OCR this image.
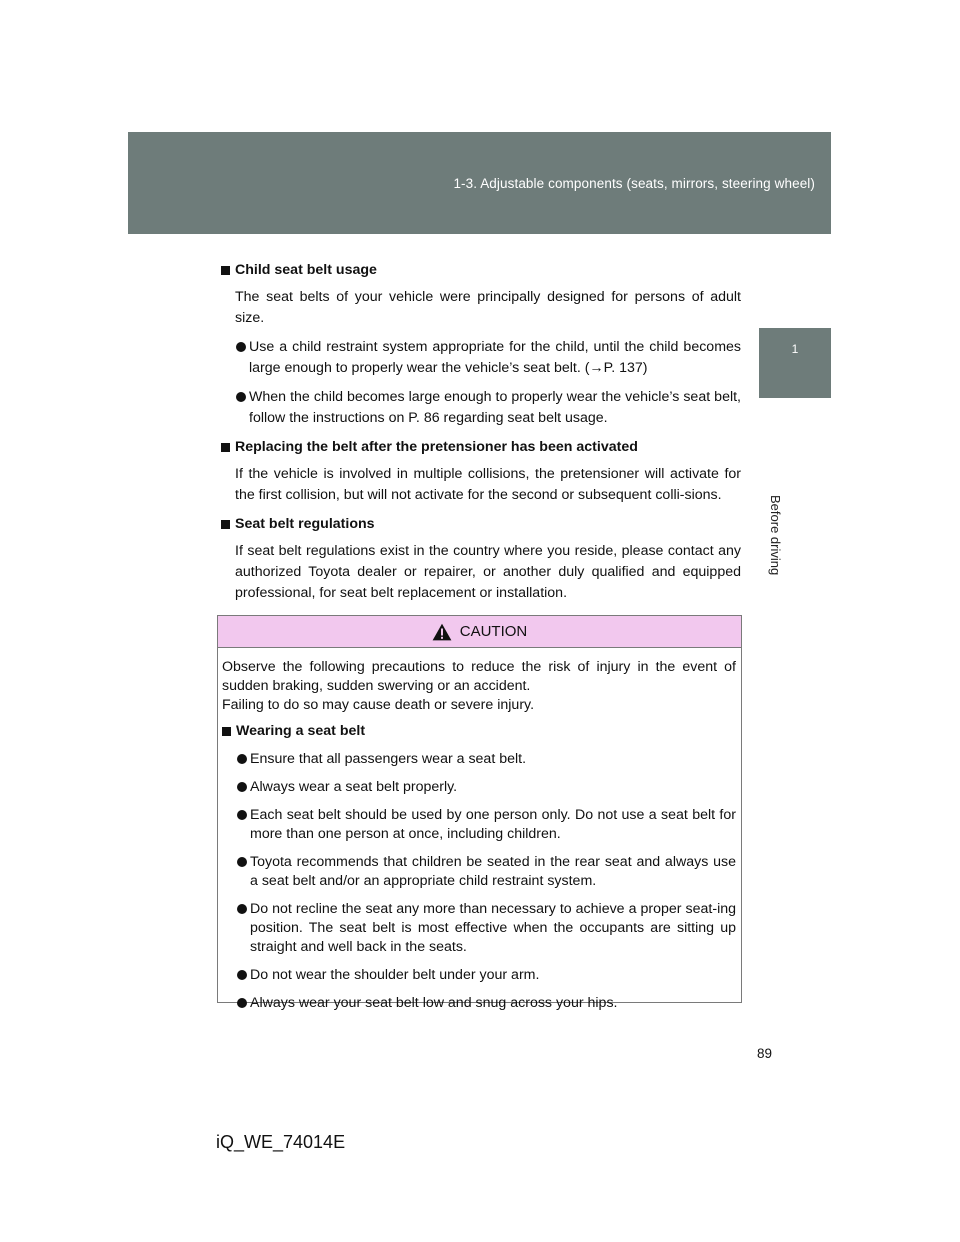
1-3. Adjustable components (seats, mirrors, steering wheel)
1
Before driving
Child seat belt usage

The seat belts of your vehicle were principally designed for persons of adult size.

Use a child restraint system appropriate for the child, until the child becomes large enough to properly wear the vehicle’s seat belt. (→P. 137)
When the child becomes large enough to properly wear the vehicle’s seat belt, follow the instructions on P. 86 regarding seat belt usage.
Replacing the belt after the pretensioner has been activated

If the vehicle is involved in multiple collisions, the pretensioner will activate for the first collision, but will not activate for the second or subsequent colli-sions.

Seat belt regulations

If seat belt regulations exist in the country where you reside, please contact any authorized Toyota dealer or repairer, or another duly qualified and equipped professional, for seat belt replacement or installation.

CAUTION

Observe the following precautions to reduce the risk of injury in the event of sudden braking, sudden swerving or an accident.
Failing to do so may cause death or severe injury.

Wearing a seat belt
Ensure that all passengers wear a seat belt.
Always wear a seat belt properly.
Each seat belt should be used by one person only. Do not use a seat belt for more than one person at once, including children.
Toyota recommends that children be seated in the rear seat and always use a seat belt and/or an appropriate child restraint system.
Do not recline the seat any more than necessary to achieve a proper seat-ing position. The seat belt is most effective when the occupants are sitting up straight and well back in the seats.
Do not wear the shoulder belt under your arm.
Always wear your seat belt low and snug across your hips.
89
iQ_WE_74014E
